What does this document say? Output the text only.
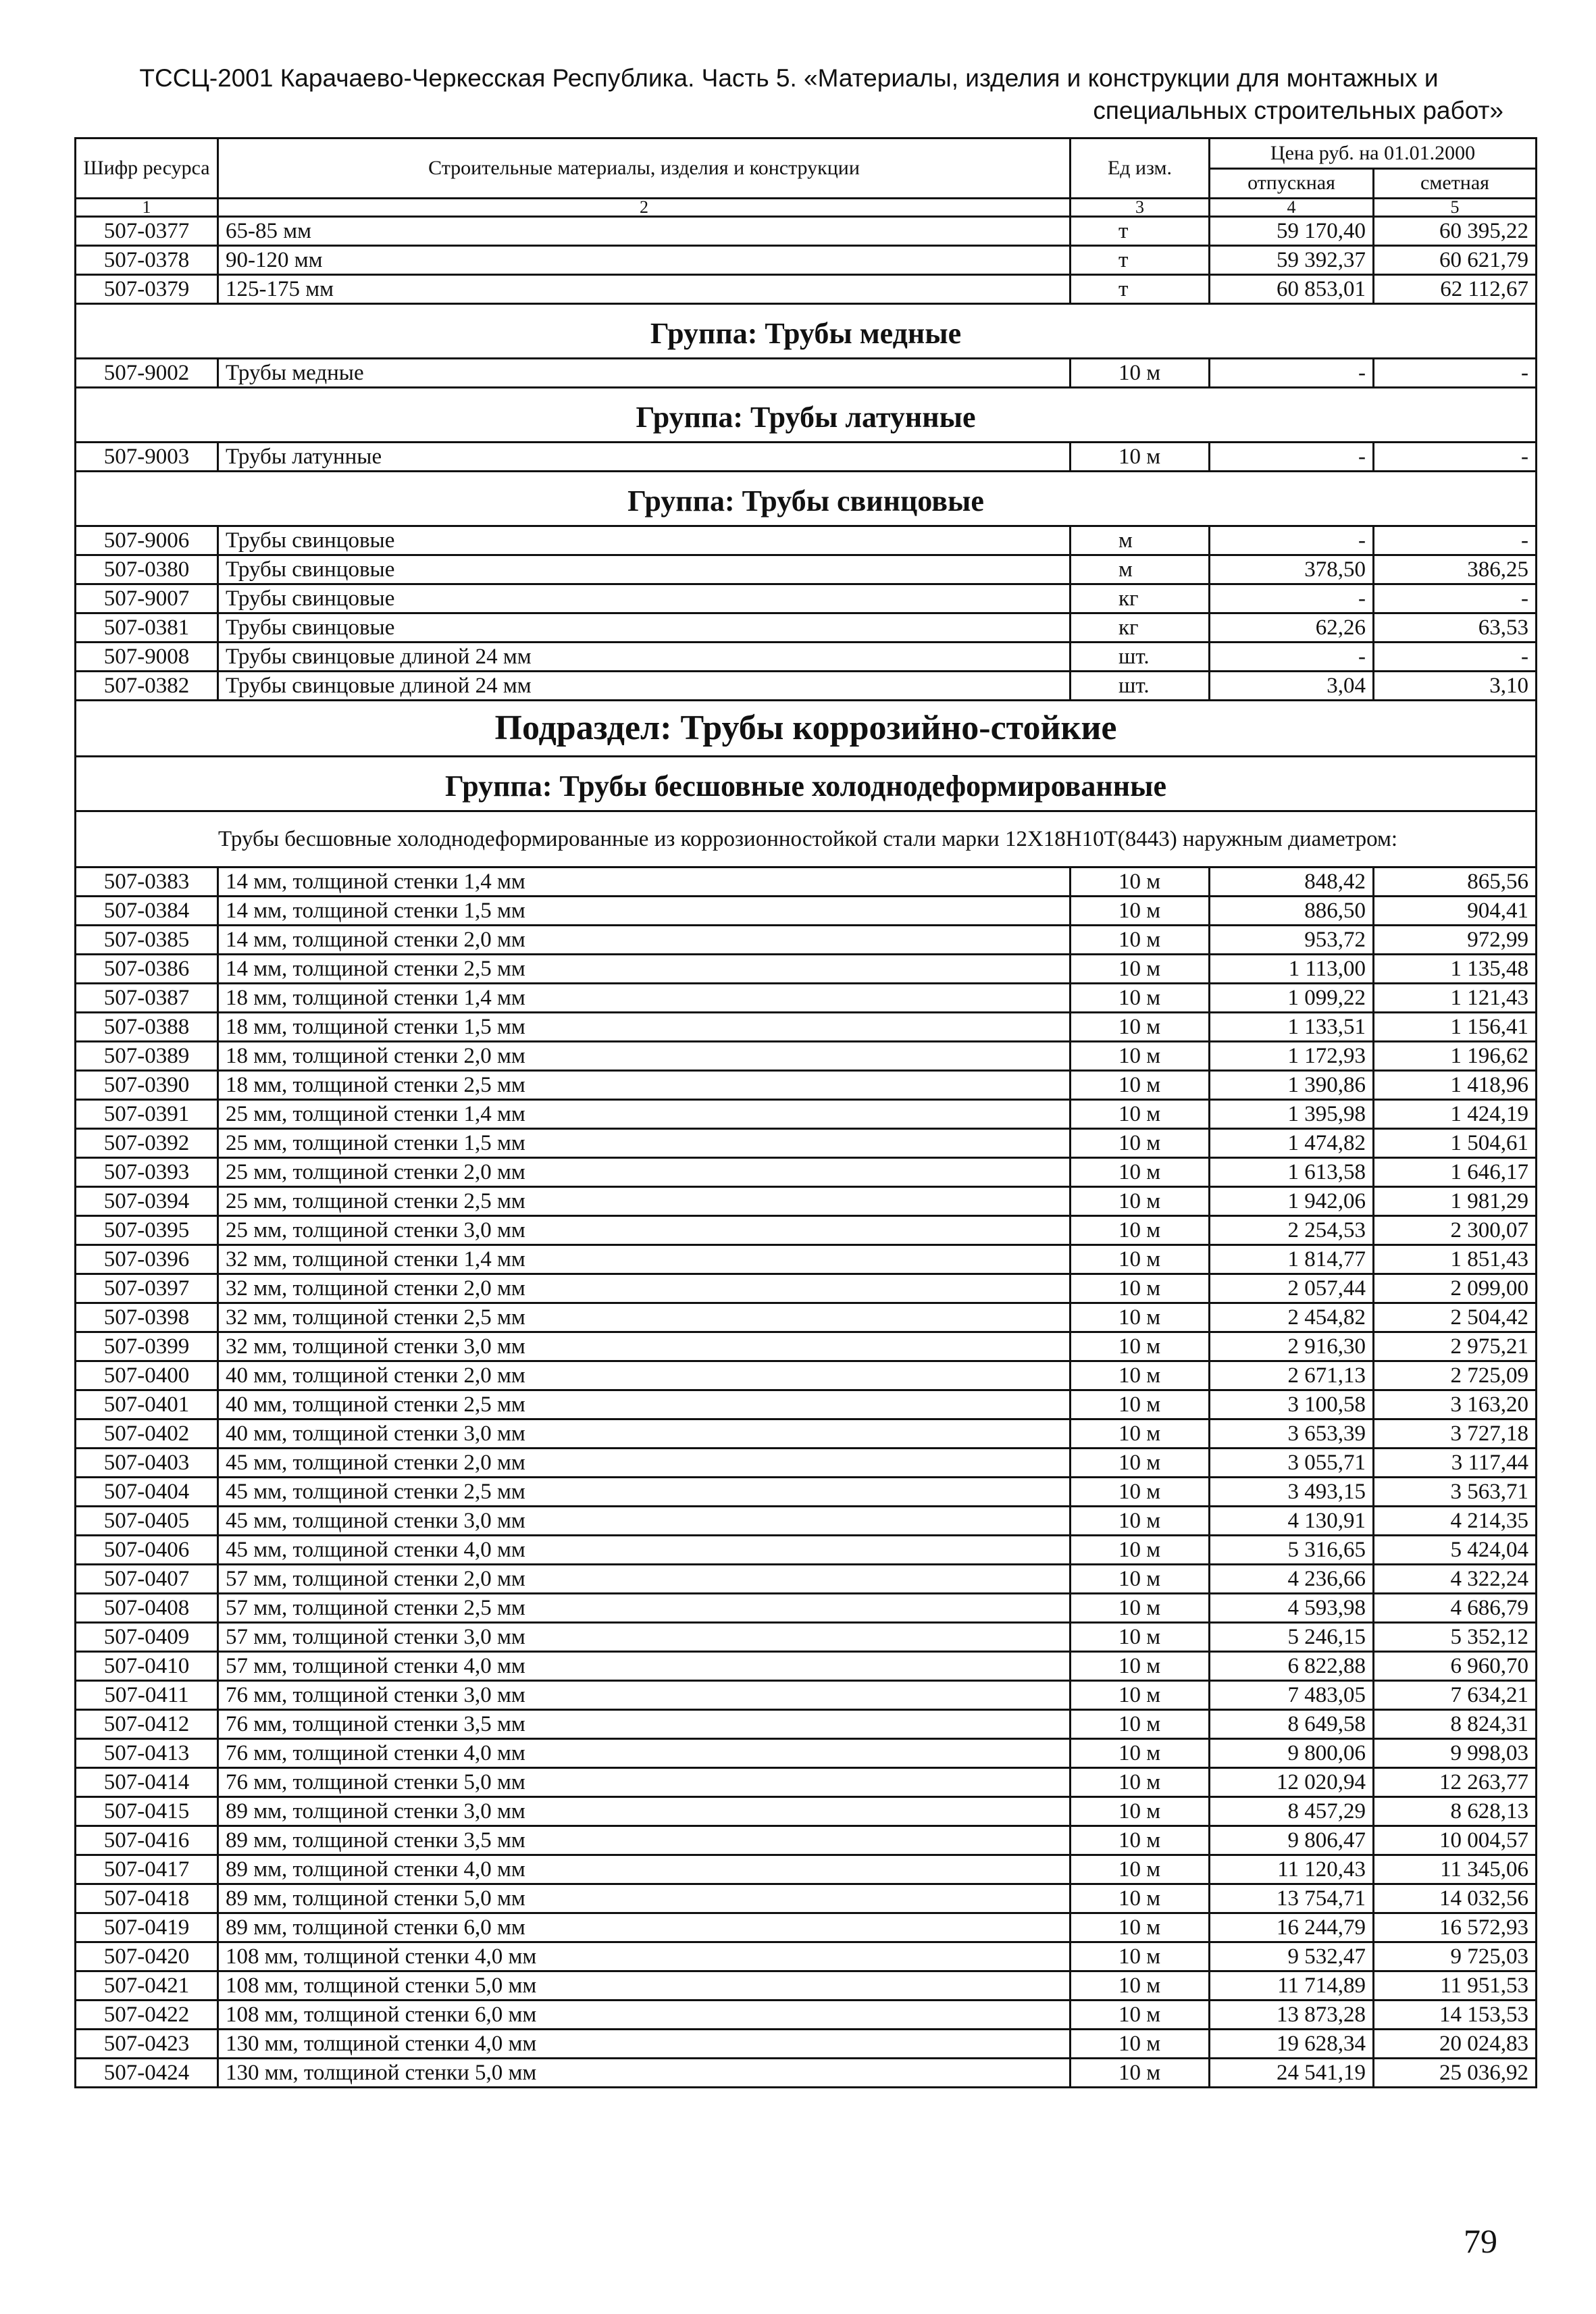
ТССЦ-2001 Карачаево-Черкесская Республика. Часть 5. «Материалы, изделия и конструкции для монтажных и
специальных строительных работ»
Шифр ресурса	Строительные материалы, изделия и конструкции	Ед изм.	Цена руб. на 01.01.2000	
			отпускная	сметная
1	2	3	4	5
507-0377	65-85 мм	т	59 170,40	60 395,22
507-0378	90-120 мм	т	59 392,37	60 621,79
507-0379	125-175 мм	т	60 853,01	62 112,67
Группа: Трубы медные				
507-9002	Трубы медные	10 м	-	-
Группа: Трубы латунные				
507-9003	Трубы латунные	10 м	-	-
Группа: Трубы свинцовые				
507-9006	Трубы свинцовые	м	-	-
507-0380	Трубы свинцовые	м	378,50	386,25
507-9007	Трубы свинцовые	кг	-	-
507-0381	Трубы свинцовые	кг	62,26	63,53
507-9008	Трубы свинцовые длиной 24 мм	шт.	-	-
507-0382	Трубы свинцовые длиной 24 мм	шт.	3,04	3,10
Подраздел: Трубы коррозийно-стойкие				
Группа: Трубы бесшовные холоднодеформированные				
Трубы бесшовные холоднодеформированные из коррозионностойкой стали марки 12Х18Н10Т(8443) наружным диаметром:				
507-0383	14 мм, толщиной стенки 1,4 мм	10 м	848,42	865,56
507-0384	14 мм, толщиной стенки 1,5 мм	10 м	886,50	904,41
507-0385	14 мм, толщиной стенки 2,0 мм	10 м	953,72	972,99
507-0386	14 мм, толщиной стенки 2,5 мм	10 м	1 113,00	1 135,48
507-0387	18 мм, толщиной стенки 1,4 мм	10 м	1 099,22	1 121,43
507-0388	18 мм, толщиной стенки 1,5 мм	10 м	1 133,51	1 156,41
507-0389	18 мм, толщиной стенки 2,0 мм	10 м	1 172,93	1 196,62
507-0390	18 мм, толщиной стенки 2,5 мм	10 м	1 390,86	1 418,96
507-0391	25 мм, толщиной стенки 1,4 мм	10 м	1 395,98	1 424,19
507-0392	25 мм, толщиной стенки 1,5 мм	10 м	1 474,82	1 504,61
507-0393	25 мм, толщиной стенки 2,0 мм	10 м	1 613,58	1 646,17
507-0394	25 мм, толщиной стенки 2,5 мм	10 м	1 942,06	1 981,29
507-0395	25 мм, толщиной стенки 3,0 мм	10 м	2 254,53	2 300,07
507-0396	32 мм, толщиной стенки 1,4 мм	10 м	1 814,77	1 851,43
507-0397	32 мм, толщиной стенки 2,0 мм	10 м	2 057,44	2 099,00
507-0398	32 мм, толщиной стенки 2,5 мм	10 м	2 454,82	2 504,42
507-0399	32 мм, толщиной стенки 3,0 мм	10 м	2 916,30	2 975,21
507-0400	40 мм, толщиной стенки 2,0 мм	10 м	2 671,13	2 725,09
507-0401	40 мм, толщиной стенки 2,5 мм	10 м	3 100,58	3 163,20
507-0402	40 мм, толщиной стенки 3,0 мм	10 м	3 653,39	3 727,18
507-0403	45 мм, толщиной стенки 2,0 мм	10 м	3 055,71	3 117,44
507-0404	45 мм, толщиной стенки 2,5 мм	10 м	3 493,15	3 563,71
507-0405	45 мм, толщиной стенки 3,0 мм	10 м	4 130,91	4 214,35
507-0406	45 мм, толщиной стенки 4,0 мм	10 м	5 316,65	5 424,04
507-0407	57 мм, толщиной стенки 2,0 мм	10 м	4 236,66	4 322,24
507-0408	57 мм, толщиной стенки 2,5 мм	10 м	4 593,98	4 686,79
507-0409	57 мм, толщиной стенки 3,0 мм	10 м	5 246,15	5 352,12
507-0410	57 мм, толщиной стенки 4,0 мм	10 м	6 822,88	6 960,70
507-0411	76 мм, толщиной стенки 3,0 мм	10 м	7 483,05	7 634,21
507-0412	76 мм, толщиной стенки 3,5 мм	10 м	8 649,58	8 824,31
507-0413	76 мм, толщиной стенки 4,0 мм	10 м	9 800,06	9 998,03
507-0414	76 мм, толщиной стенки 5,0 мм	10 м	12 020,94	12 263,77
507-0415	89 мм, толщиной стенки 3,0 мм	10 м	8 457,29	8 628,13
507-0416	89 мм, толщиной стенки 3,5 мм	10 м	9 806,47	10 004,57
507-0417	89 мм, толщиной стенки 4,0 мм	10 м	11 120,43	11 345,06
507-0418	89 мм, толщиной стенки 5,0 мм	10 м	13 754,71	14 032,56
507-0419	89 мм, толщиной стенки 6,0 мм	10 м	16 244,79	16 572,93
507-0420	108 мм, толщиной стенки 4,0 мм	10 м	9 532,47	9 725,03
507-0421	108 мм, толщиной стенки 5,0 мм	10 м	11 714,89	11 951,53
507-0422	108 мм, толщиной стенки 6,0 мм	10 м	13 873,28	14 153,53
507-0423	130 мм, толщиной стенки 4,0 мм	10 м	19 628,34	20 024,83
507-0424	130 мм, толщиной стенки 5,0 мм	10 м	24 541,19	25 036,92
79
